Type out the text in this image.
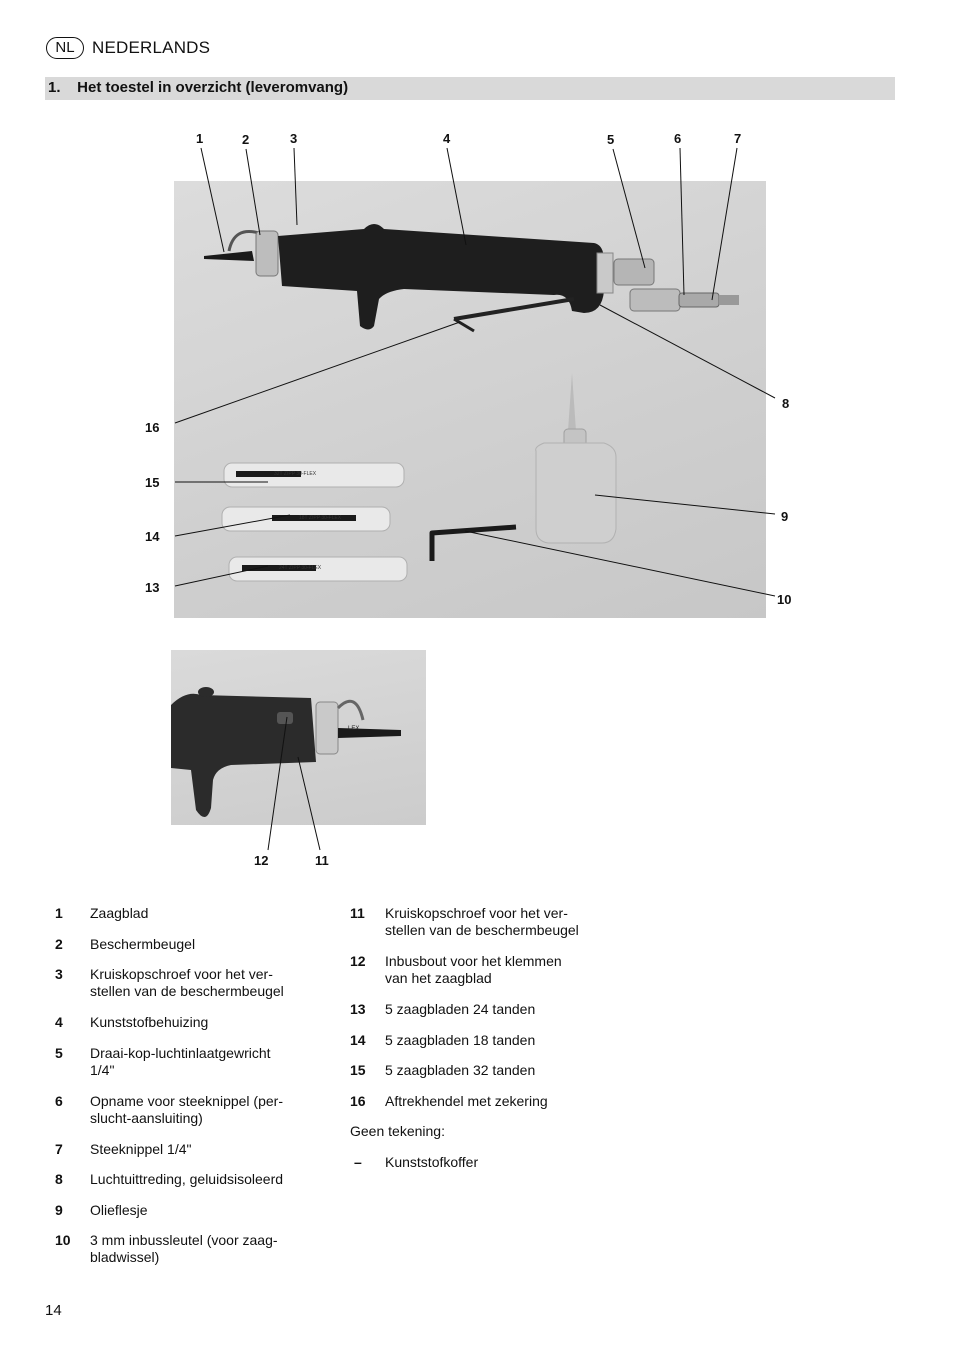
NL	NEDERLANDS
1.    Het toestel in overzicht (leveromvang)
32T ZIPP 30-FLEX
18T ZIPP 30-FLEX
24T ZIPP 30-FLEX
LEX
1	2	3	4	5	6	7
8
9
10
11
12
13
14
15
16
1	Zaagblad
2	Beschermbeugel
3	Kruiskopschroef voor het ver-
stellen van de beschermbeugel
4	Kunststofbehuizing
5	Draai-kop-luchtinlaatgewricht
1/4"
6	Opname voor steeknippel (per-
slucht-aansluiting)
7	Steeknippel 1/4"
8	Luchtuittreding, geluidsisoleerd
9	Olieflesje
10	3 mm inbussleutel (voor zaag-
bladwissel)
11	Kruiskopschroef voor het ver-
stellen van de beschermbeugel
12	Inbusbout voor het klemmen
van het zaagblad
13	5 zaagbladen 24 tanden
14	5 zaagbladen 18 tanden
15	5 zaagbladen 32 tanden
16	Aftrekhendel met zekering
Geen tekening:
–	Kunststofkoffer
14
